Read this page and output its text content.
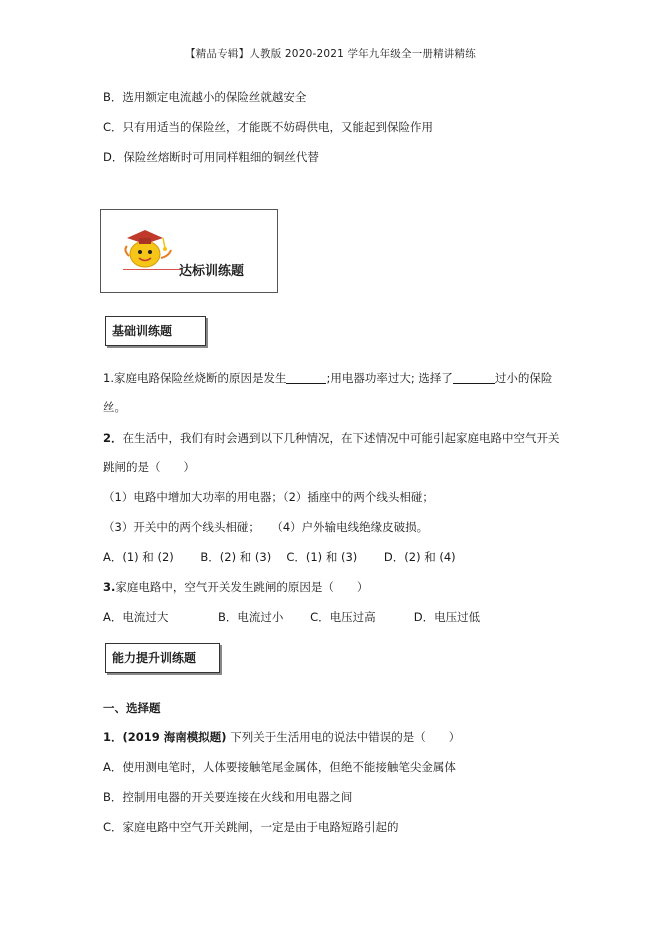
【精品专辑】人教版 2020-2021 学年九年级全一册精讲精练
B．选用额定电流越小的保险丝就越安全
C．只有用适当的保险丝，才能既不妨碍供电，又能起到保险作用
D．保险丝熔断时可用同样粗细的铜丝代替
达标训练题
基础训练题
1.家庭电路保险丝烧断的原因是发生	;用电器功率过大; 选择了	过小的保险
丝。
2．在生活中，我们有时会遇到以下几种情况，在下述情况中可能引起家庭电路中空气开关
跳闸的是（　　）
（1）电路中增加大功率的用电器；（2）插座中的两个线头相碰；
（3）开关中的两个线头相碰；　　（4）户外输电线绝缘皮破损。
A．(1) 和 (2)　　 B．(2) 和 (3)　 C．(1) 和 (3)　　 D．(2) 和 (4)
3.家庭电路中，空气开关发生跳闸的原因是（　　）
A．电流过大　　　　 B．电流过小　　 C．电压过高　　　 D．电压过低
能力提升训练题
一、选择题
1．(2019 海南模拟题) 下列关于生活用电的说法中错误的是（　　）
A．使用测电笔时，人体要接触笔尾金属体，但绝不能接触笔尖金属体
B．控制用电器的开关要连接在火线和用电器之间
C．家庭电路中空气开关跳闸，一定是由于电路短路引起的
